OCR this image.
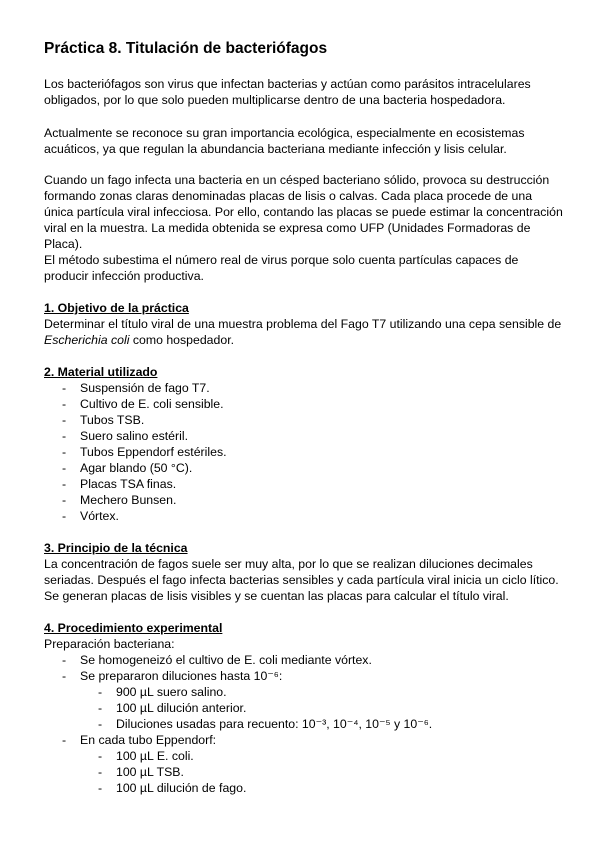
Práctica 8. Titulación de bacteriófagos

Los bacteriófagos son virus que infectan bacterias y actúan como parásitos intracelulares obligados, por lo que solo pueden multiplicarse dentro de una bacteria hospedadora.

Actualmente se reconoce su gran importancia ecológica, especialmente en ecosistemas acuáticos, ya que regulan la abundancia bacteriana mediante infección y lisis celular.

Cuando un fago infecta una bacteria en un césped bacteriano sólido, provoca su destrucción formando zonas claras denominadas placas de lisis o calvas. Cada placa procede de una única partícula viral infecciosa. Por ello, contando las placas se puede estimar la concentración viral en la muestra. La medida obtenida se expresa como UFP (Unidades Formadoras de Placa).

El método subestima el número real de virus porque solo cuenta partículas capaces de producir infección productiva.

1. Objetivo de la práctica

Determinar el título viral de una muestra problema del Fago T7 utilizando una cepa sensible de Escherichia coli como hospedador.

2. Material utilizado
- Suspensión de fago T7.
- Cultivo de E. coli sensible.
- Tubos TSB.
- Suero salino estéril.
- Tubos Eppendorf estériles.
- Agar blando (50 °C).
- Placas TSA finas.
- Mechero Bunsen.
- Vórtex.
3. Principio de la técnica

La concentración de fagos suele ser muy alta, por lo que se realizan diluciones decimales seriadas. Después el fago infecta bacterias sensibles y cada partícula viral inicia un ciclo lítico. Se generan placas de lisis visibles y se cuentan las placas para calcular el título viral.

4. Procedimiento experimental
Preparación bacteriana:
- Se homogeneizó el cultivo de E. coli mediante vórtex.
- Se prepararon diluciones hasta 10⁻⁶:
- 900 µL suero salino.
- 100 µL dilución anterior.
- Diluciones usadas para recuento: 10⁻³, 10⁻⁴, 10⁻⁵ y 10⁻⁶.
- En cada tubo Eppendorf:
- 100 µL E. coli.
- 100 µL TSB.
- 100 µL dilución de fago.
